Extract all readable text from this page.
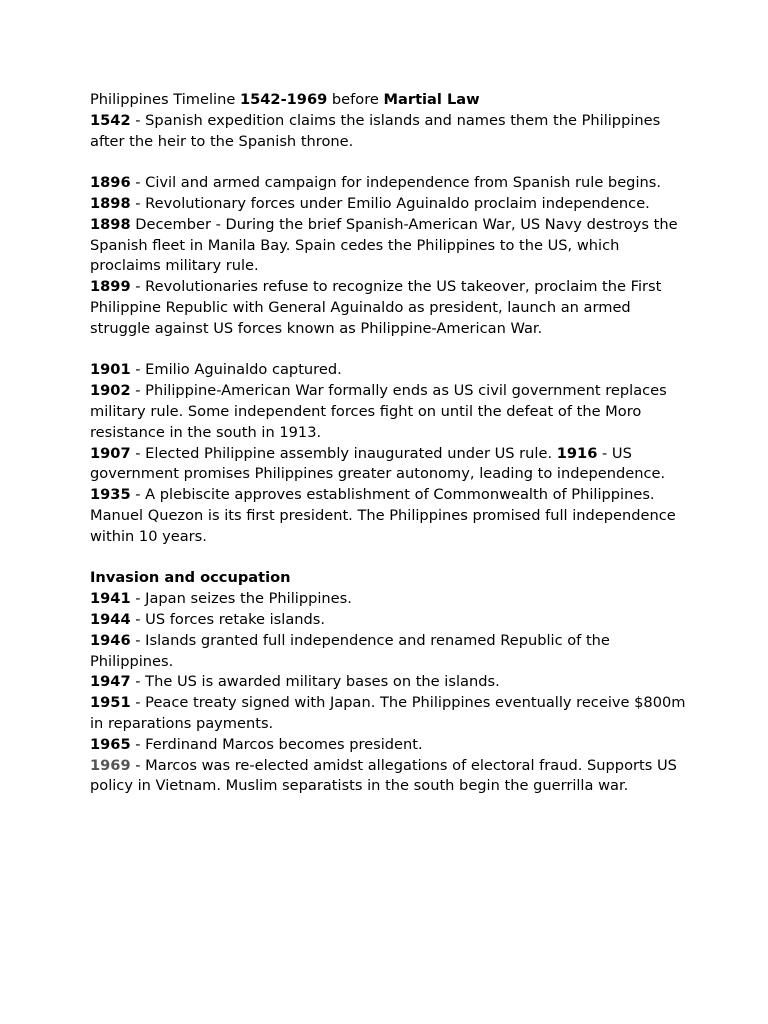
Philippines Timeline 1542-1969 before Martial Law

1542 - Spanish expedition claims the islands and names them the Philippines after the heir to the Spanish throne.

1896 - Civil and armed campaign for independence from Spanish rule begins.

1898 - Revolutionary forces under Emilio Aguinaldo proclaim independence.

1898 December - During the brief Spanish-American War, US Navy destroys the Spanish fleet in Manila Bay. Spain cedes the Philippines to the US, which proclaims military rule.

1899 - Revolutionaries refuse to recognize the US takeover, proclaim the First Philippine Republic with General Aguinaldo as president, launch an armed struggle against US forces known as Philippine-American War.

1901 - Emilio Aguinaldo captured.

1902 - Philippine-American War formally ends as US civil government replaces military rule. Some independent forces fight on until the defeat of the Moro resistance in the south in 1913.

1907 - Elected Philippine assembly inaugurated under US rule. 1916 - US government promises Philippines greater autonomy, leading to independence.

1935 - A plebiscite approves establishment of Commonwealth of Philippines. Manuel Quezon is its first president. The Philippines promised full independence within 10 years.

Invasion and occupation

1941 - Japan seizes the Philippines.

1944 - US forces retake islands.

1946 - Islands granted full independence and renamed Republic of the Philippines.

1947 - The US is awarded military bases on the islands.

1951 - Peace treaty signed with Japan. The Philippines eventually receive $800m in reparations payments.

1965 - Ferdinand Marcos becomes president.

1969 - Marcos was re-elected amidst allegations of electoral fraud. Supports US policy in Vietnam. Muslim separatists in the south begin the guerrilla war.
